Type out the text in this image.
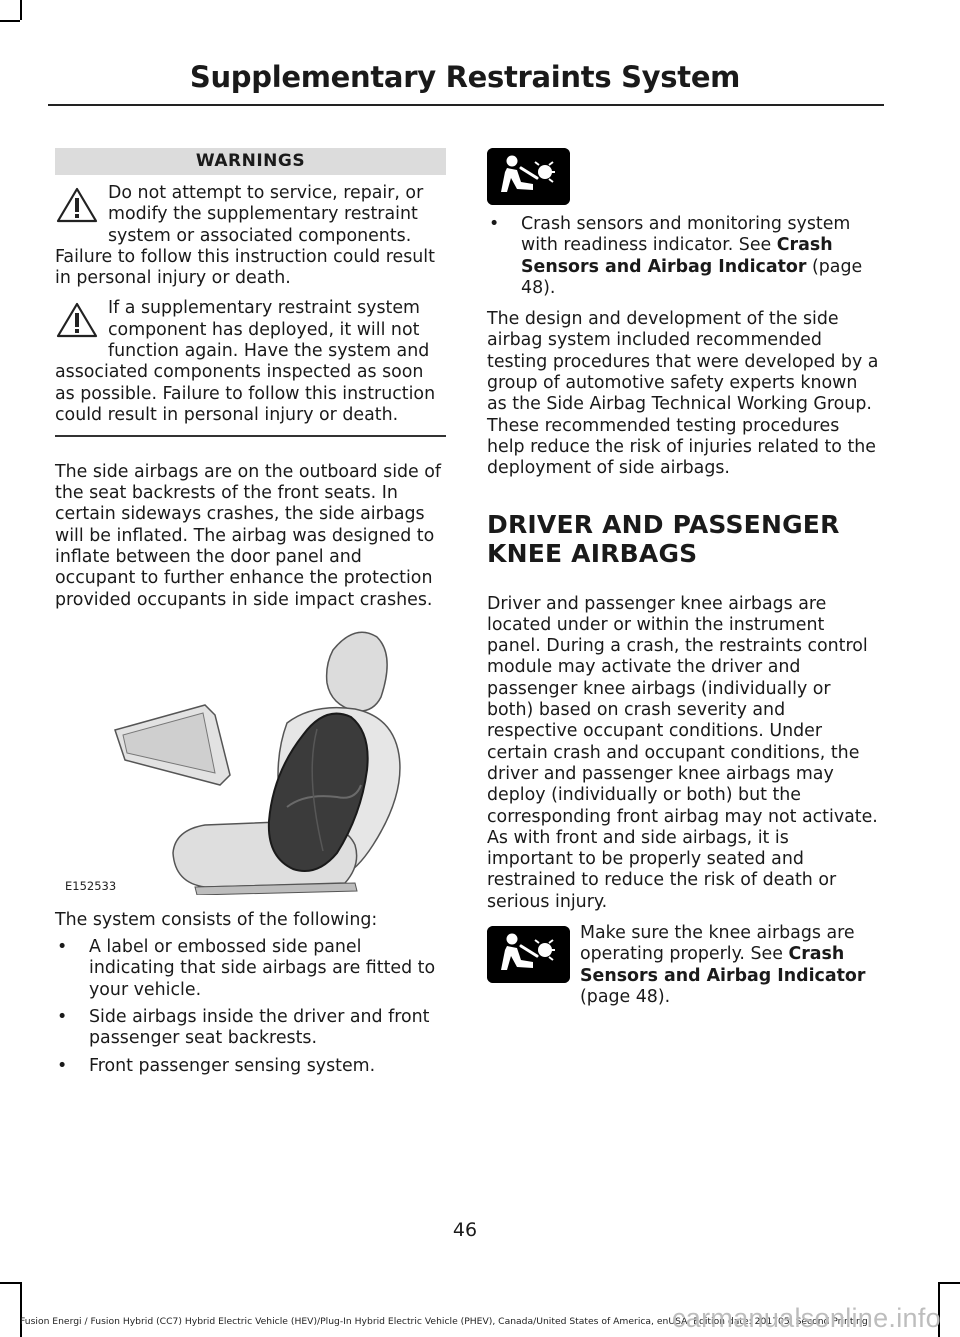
Supplementary Restraints System
WARNINGS

Do not attempt to service, repair, or modify the supplementary restraint system or associated components. Failure to follow this instruction could result in personal injury or death.

If a supplementary restraint system component has deployed, it will not function again. Have the system and associated components inspected as soon as possible. Failure to follow this instruction could result in personal injury or death.

The side airbags are on the outboard side of the seat backrests of the front seats. In certain sideways crashes, the side airbags will be inflated. The airbag was designed to inflate between the door panel and occupant to further enhance the protection provided occupants in side impact crashes.

E152533

The system consists of the following:

• A label or embossed side panel indicating that side airbags are fitted to your vehicle.
• Side airbags inside the driver and front passenger seat backrests.
• Front passenger sensing system.
• Crash sensors and monitoring system with readiness indicator. See Crash Sensors and Airbag Indicator (page 48).

The design and development of the side airbag system included recommended testing procedures that were developed by a group of automotive safety experts known as the Side Airbag Technical Working Group. These recommended testing procedures help reduce the risk of injuries related to the deployment of side airbags.

DRIVER AND PASSENGER
KNEE AIRBAGS

Driver and passenger knee airbags are located under or within the instrument panel. During a crash, the restraints control module may activate the driver and passenger knee airbags (individually or both) based on crash severity and respective occupant conditions. Under certain crash and occupant conditions, the driver and passenger knee airbags may deploy (individually or both) but the corresponding front airbag may not activate. As with front and side airbags, it is important to be properly seated and restrained to reduce the risk of death or serious injury.

Make sure the knee airbags are operating properly. See Crash Sensors and Airbag Indicator (page 48).

46
Fusion Energi / Fusion Hybrid (CC7) Hybrid Electric Vehicle (HEV)/Plug-In Hybrid Electric Vehicle (PHEV), Canada/United States of America, enUSA, Edition date: 201705, Second Printing
carmanualsonline.info
